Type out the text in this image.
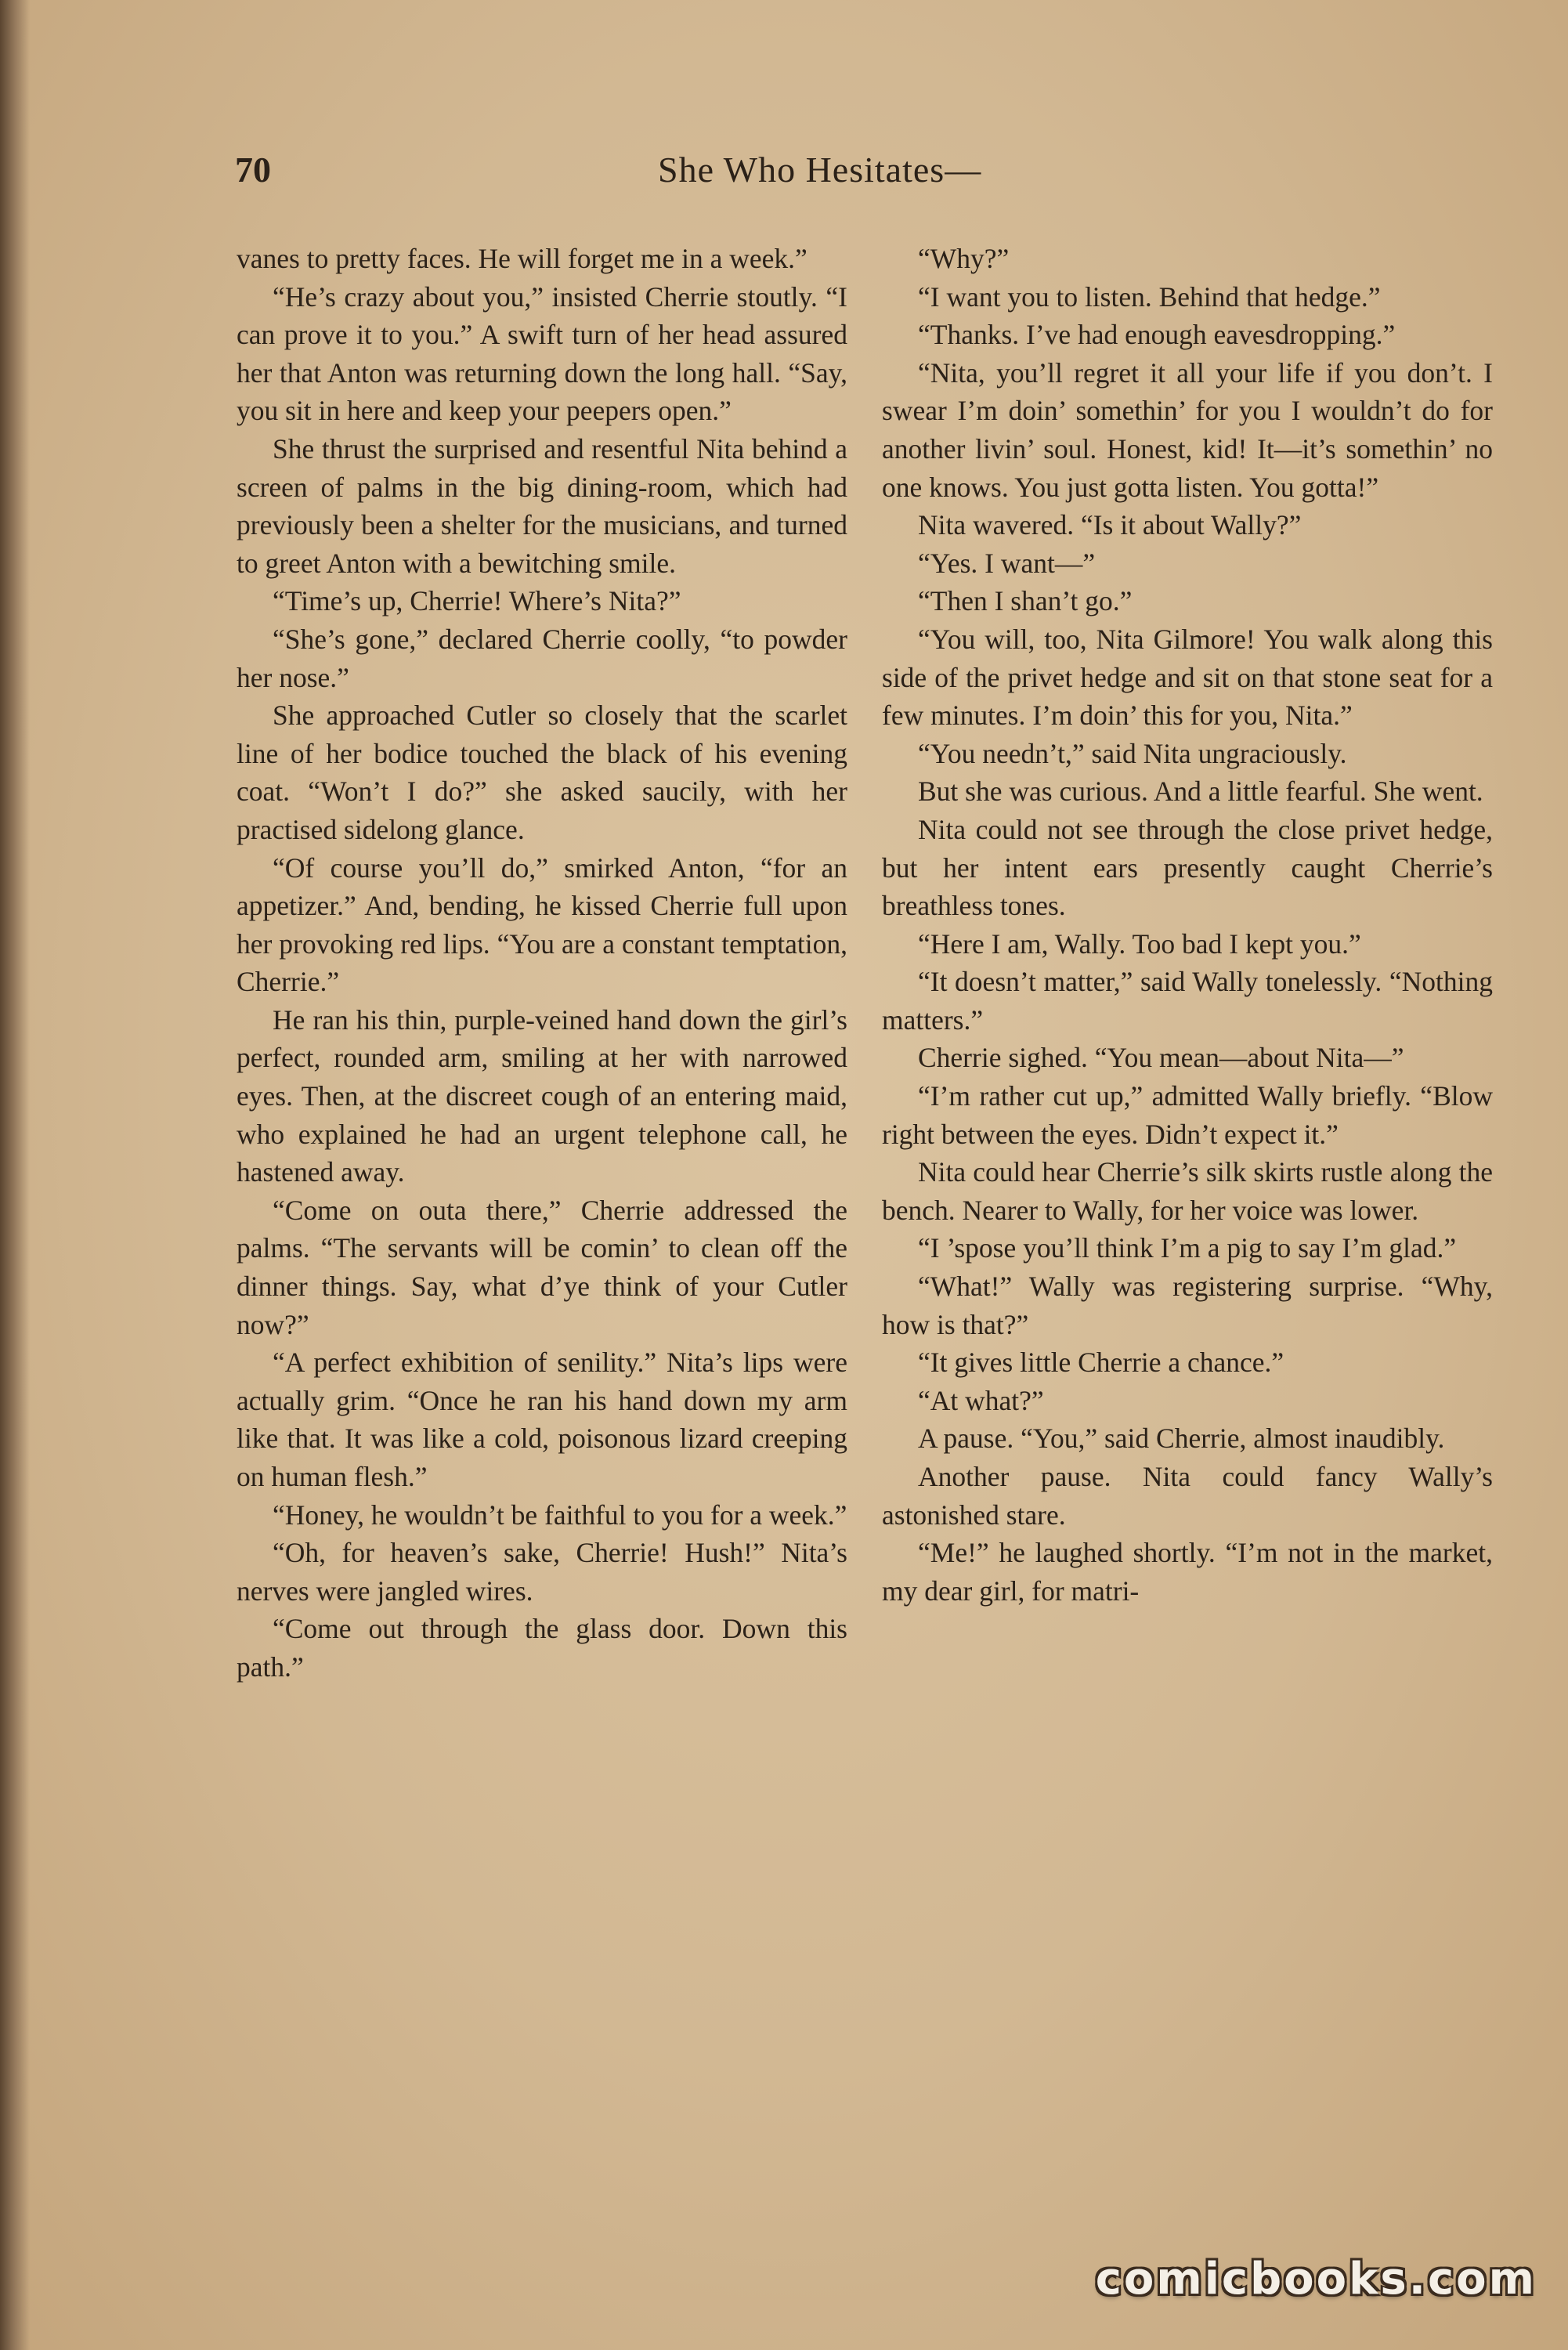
70	She Who Hesitates—

vanes to pretty faces. He will forget me in a week.”

“He’s crazy about you,” insisted Cherrie stoutly. “I can prove it to you.” A swift turn of her head assured her that Anton was returning down the long hall. “Say, you sit in here and keep your peepers open.”

She thrust the surprised and resentful Nita behind a screen of palms in the big dining-room, which had previously been a shelter for the musicians, and turned to greet Anton with a bewitching smile.

“Time’s up, Cherrie! Where’s Nita?”

“She’s gone,” declared Cherrie coolly, “to powder her nose.”

She approached Cutler so closely that the scarlet line of her bodice touched the black of his evening coat. “Won’t I do?” she asked saucily, with her practised sidelong glance.

“Of course you’ll do,” smirked Anton, “for an appetizer.” And, bending, he kissed Cherrie full upon her provoking red lips. “You are a constant temptation, Cherrie.”

He ran his thin, purple-veined hand down the girl’s perfect, rounded arm, smiling at her with narrowed eyes. Then, at the discreet cough of an entering maid, who explained he had an urgent telephone call, he hastened away.

“Come on outa there,” Cherrie addressed the palms. “The servants will be comin’ to clean off the dinner things. Say, what d’ye think of your Cutler now?”

“A perfect exhibition of senility.” Nita’s lips were actually grim. “Once he ran his hand down my arm like that. It was like a cold, poisonous lizard creeping on human flesh.”

“Honey, he wouldn’t be faithful to you for a week.”

“Oh, for heaven’s sake, Cherrie! Hush!” Nita’s nerves were jangled wires.

“Come out through the glass door. Down this path.”

“Why?”

“I want you to listen. Behind that hedge.”

“Thanks. I’ve had enough eavesdropping.”

“Nita, you’ll regret it all your life if you don’t. I swear I’m doin’ somethin’ for you I wouldn’t do for another livin’ soul. Honest, kid! It—it’s somethin’ no one knows. You just gotta listen. You gotta!”

Nita wavered. “Is it about Wally?”

“Yes. I want—”

“Then I shan’t go.”

“You will, too, Nita Gilmore! You walk along this side of the privet hedge and sit on that stone seat for a few minutes. I’m doin’ this for you, Nita.”

“You needn’t,” said Nita ungraciously.

But she was curious. And a little fearful. She went.

Nita could not see through the close privet hedge, but her intent ears presently caught Cherrie’s breathless tones.

“Here I am, Wally. Too bad I kept you.”

“It doesn’t matter,” said Wally tonelessly. “Nothing matters.”

Cherrie sighed. “You mean—about Nita—”

“I’m rather cut up,” admitted Wally briefly. “Blow right between the eyes. Didn’t expect it.”

Nita could hear Cherrie’s silk skirts rustle along the bench. Nearer to Wally, for her voice was lower.

“I ’spose you’ll think I’m a pig to say I’m glad.”

“What!” Wally was registering surprise. “Why, how is that?”

“It gives little Cherrie a chance.”

“At what?”

A pause. “You,” said Cherrie, almost inaudibly.

Another pause. Nita could fancy Wally’s astonished stare.

“Me!” he laughed shortly. “I’m not in the market, my dear girl, for matri-

comicbooks.com
